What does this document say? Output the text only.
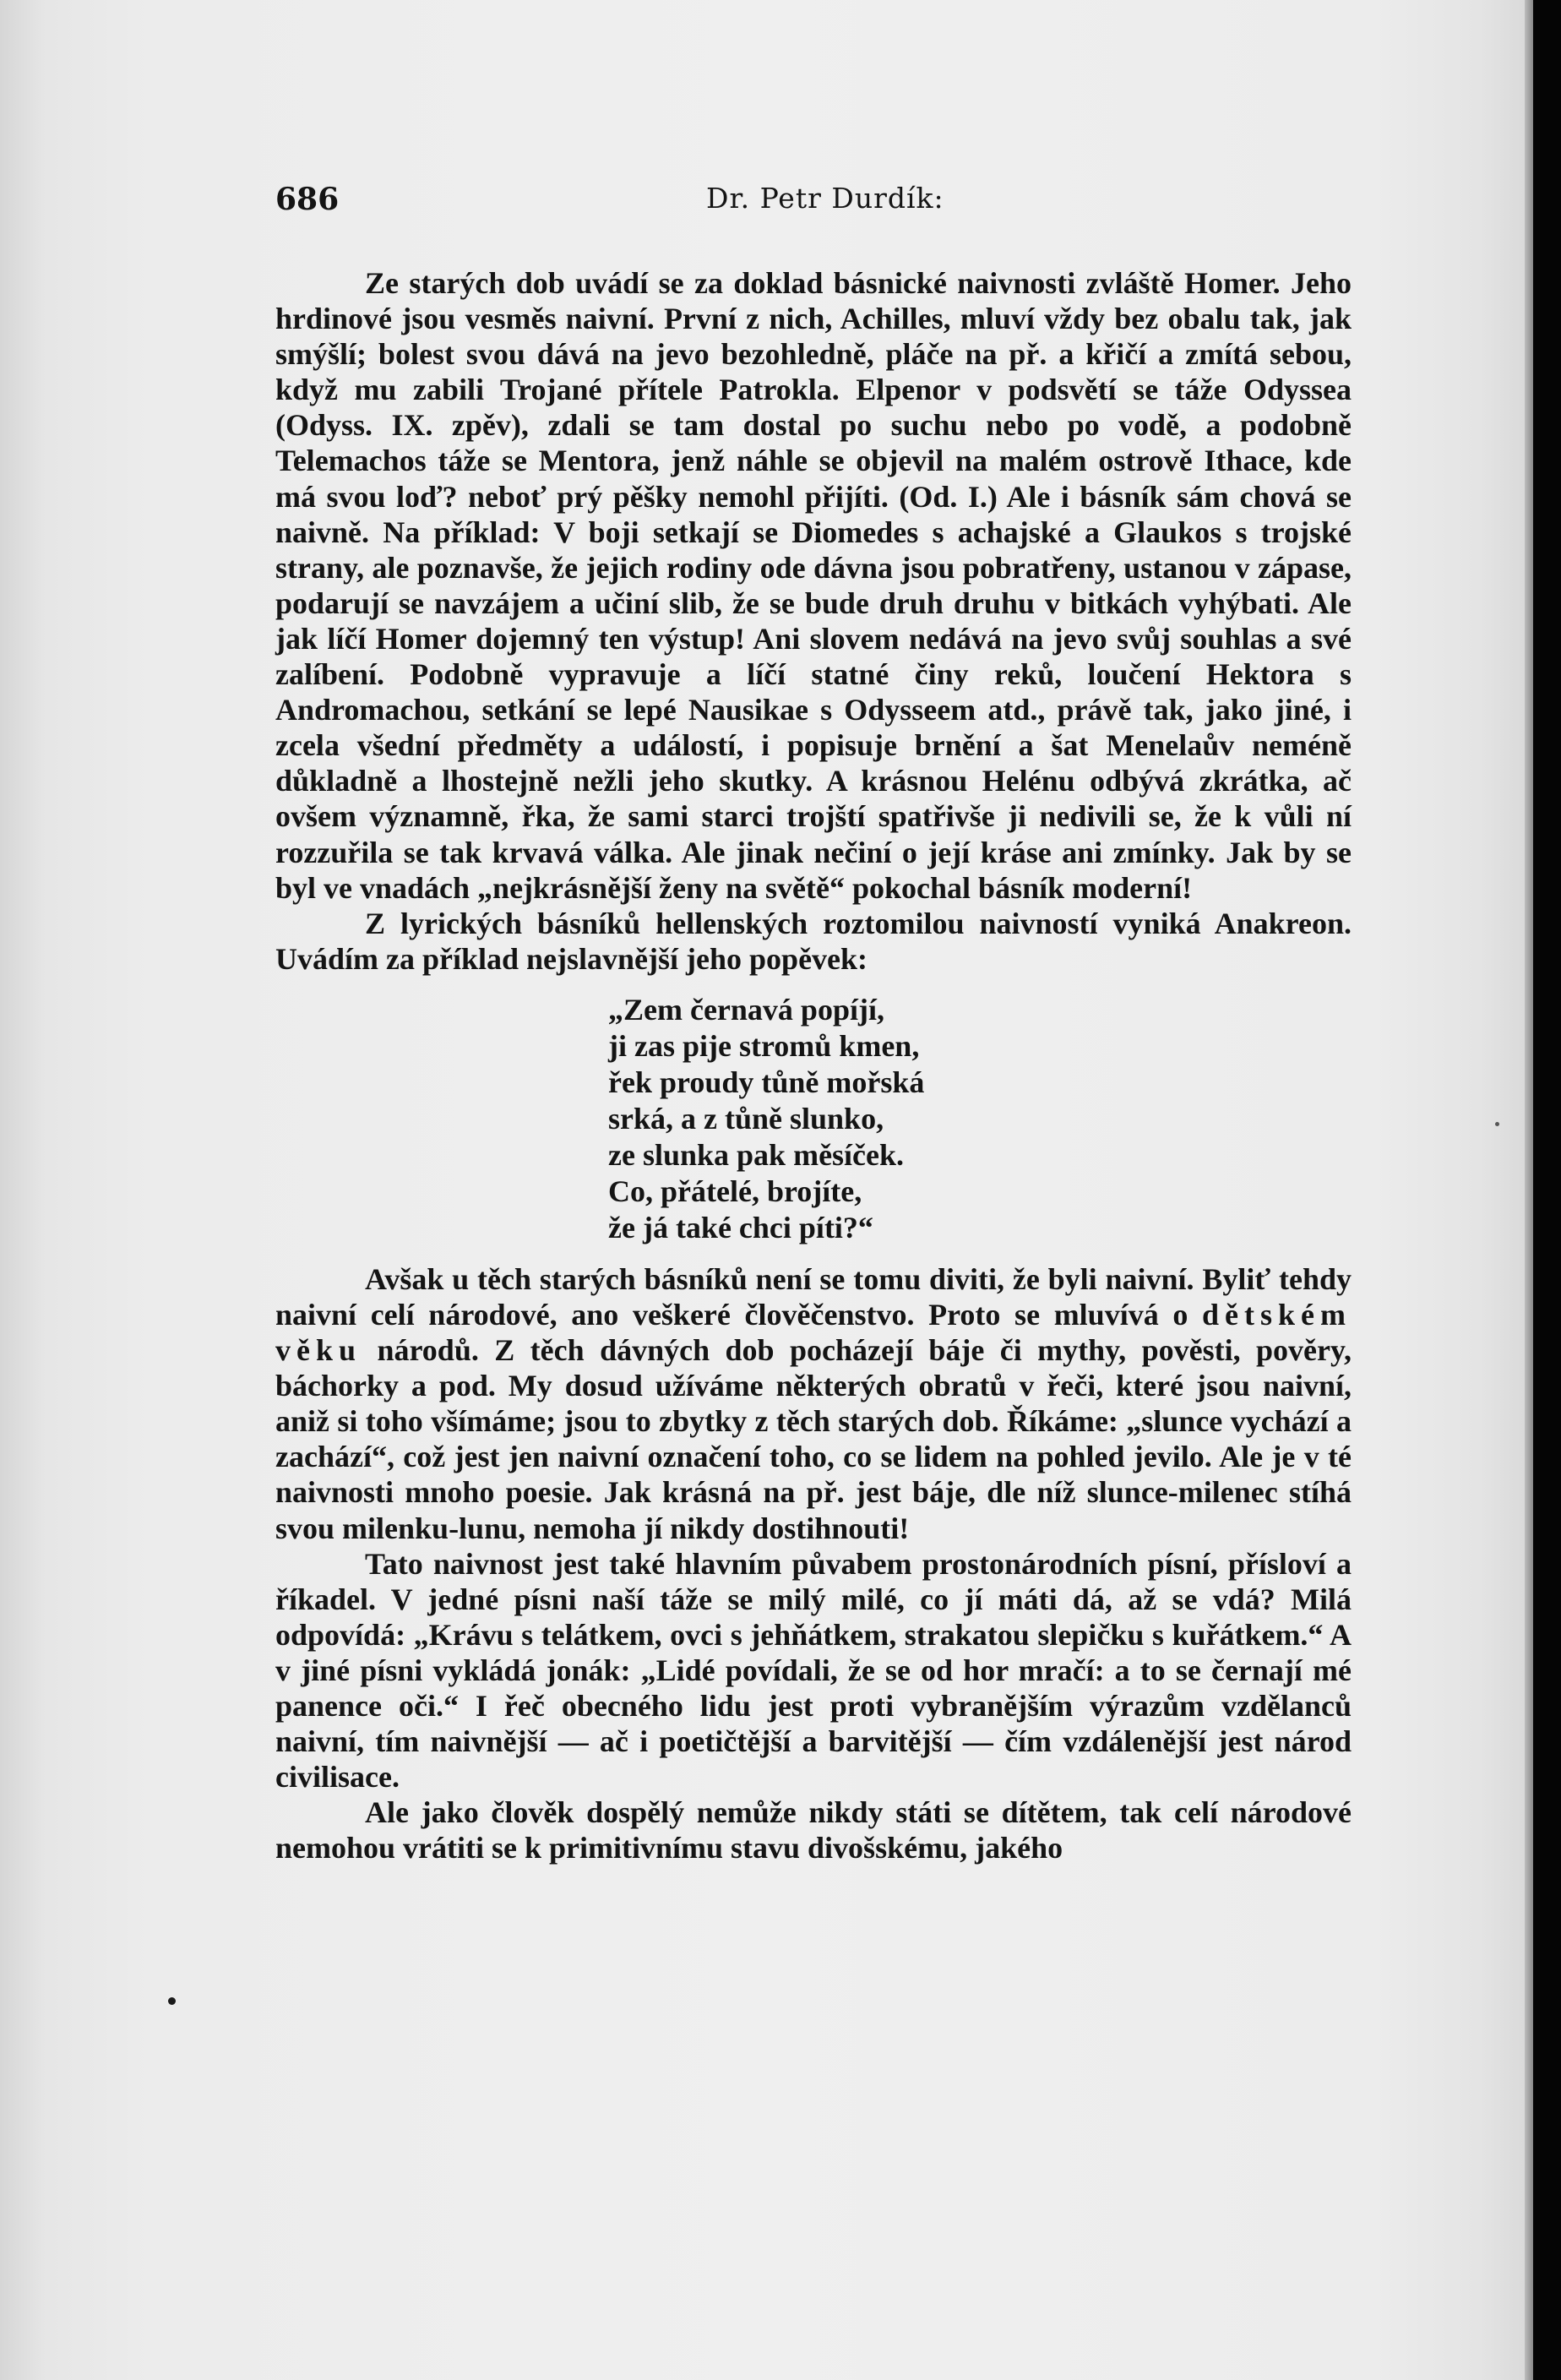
686	Dr. Petr Durdík:

Ze starých dob uvádí se za doklad básnické naivnosti zvláště Homer. Jeho hrdinové jsou vesměs naivní. První z nich, Achilles, mluví vždy bez obalu tak, jak smýšlí; bolest svou dává na jevo bezohledně, pláče na př. a křičí a zmítá sebou, když mu zabili Trojané přítele Patrokla. Elpenor v podsvětí se táže Odyssea (Odyss. IX. zpěv), zdali se tam dostal po suchu nebo po vodě, a podobně Telemachos táže se Mentora, jenž náhle se objevil na malém ostrově Ithace, kde má svou loď? neboť prý pěšky nemohl přijíti. (Od. I.) Ale i básník sám chová se naivně. Na příklad: V boji setkají se Diomedes s achajské a Glaukos s trojské strany, ale poznavše, že jejich rodiny ode dávna jsou pobratřeny, ustanou v zápase, podarují se navzájem a učiní slib, že se bude druh druhu v bitkách vyhýbati. Ale jak líčí Homer dojemný ten výstup! Ani slovem nedává na jevo svůj souhlas a své zalíbení. Podobně vypravuje a líčí statné činy reků, loučení Hektora s Andromachou, setkání se lepé Nausikae s Odysseem atd., právě tak, jako jiné, i zcela všední předměty a událostí, i popisuje brnění a šat Menelaův neméně důkladně a lhostejně nežli jeho skutky. A krásnou Helénu odbývá zkrátka, ač ovšem významně, řka, že sami starci trojští spatřivše ji nedivili se, že k vůli ní rozzuřila se tak krvavá válka. Ale jinak nečiní o její kráse ani zmínky. Jak by se byl ve vnadách „nejkrásnější ženy na světě“ pokochal básník moderní!

Z lyrických básníků hellenských roztomilou naivností vyniká Anakreon. Uvádím za příklad nejslavnější jeho popěvek:

„Zem černavá popíjí,
ji zas pije stromů kmen,
řek proudy tůně mořská
srká, a z tůně slunko,
ze slunka pak měsíček.
Co, přátelé, brojíte,
že já také chci píti?“

Avšak u těch starých básníků není se tomu diviti, že byli naivní. Byliť tehdy naivní celí národové, ano veškeré člověčenstvo. Proto se mluvívá o dětském věku národů. Z těch dávných dob pocházejí báje či mythy, pověsti, pověry, báchorky a pod. My dosud užíváme některých obratů v řeči, které jsou naivní, aniž si toho všímáme; jsou to zbytky z těch starých dob. Říkáme: „slunce vychází a zachází“, což jest jen naivní označení toho, co se lidem na pohled jevilo. Ale je v té naivnosti mnoho poesie. Jak krásná na př. jest báje, dle níž slunce-milenec stíhá svou milenku-lunu, nemoha jí nikdy dostihnouti!

Tato naivnost jest také hlavním půvabem prostonárodních písní, přísloví a říkadel. V jedné písni naší táže se milý milé, co jí máti dá, až se vdá? Milá odpovídá: „Krávu s telátkem, ovci s jehňátkem, strakatou slepičku s kuřátkem.“ A v jiné písni vykládá jonák: „Lidé povídali, že se od hor mračí: a to se černají mé panence oči.“ I řeč obecného lidu jest proti vybranějším výrazům vzdělanců naivní, tím naivnější — ač i poetičtější a barvitější — čím vzdálenější jest národ civilisace.

Ale jako člověk dospělý nemůže nikdy státi se dítětem, tak celí národové nemohou vrátiti se k primitivnímu stavu divošskému, jakého
